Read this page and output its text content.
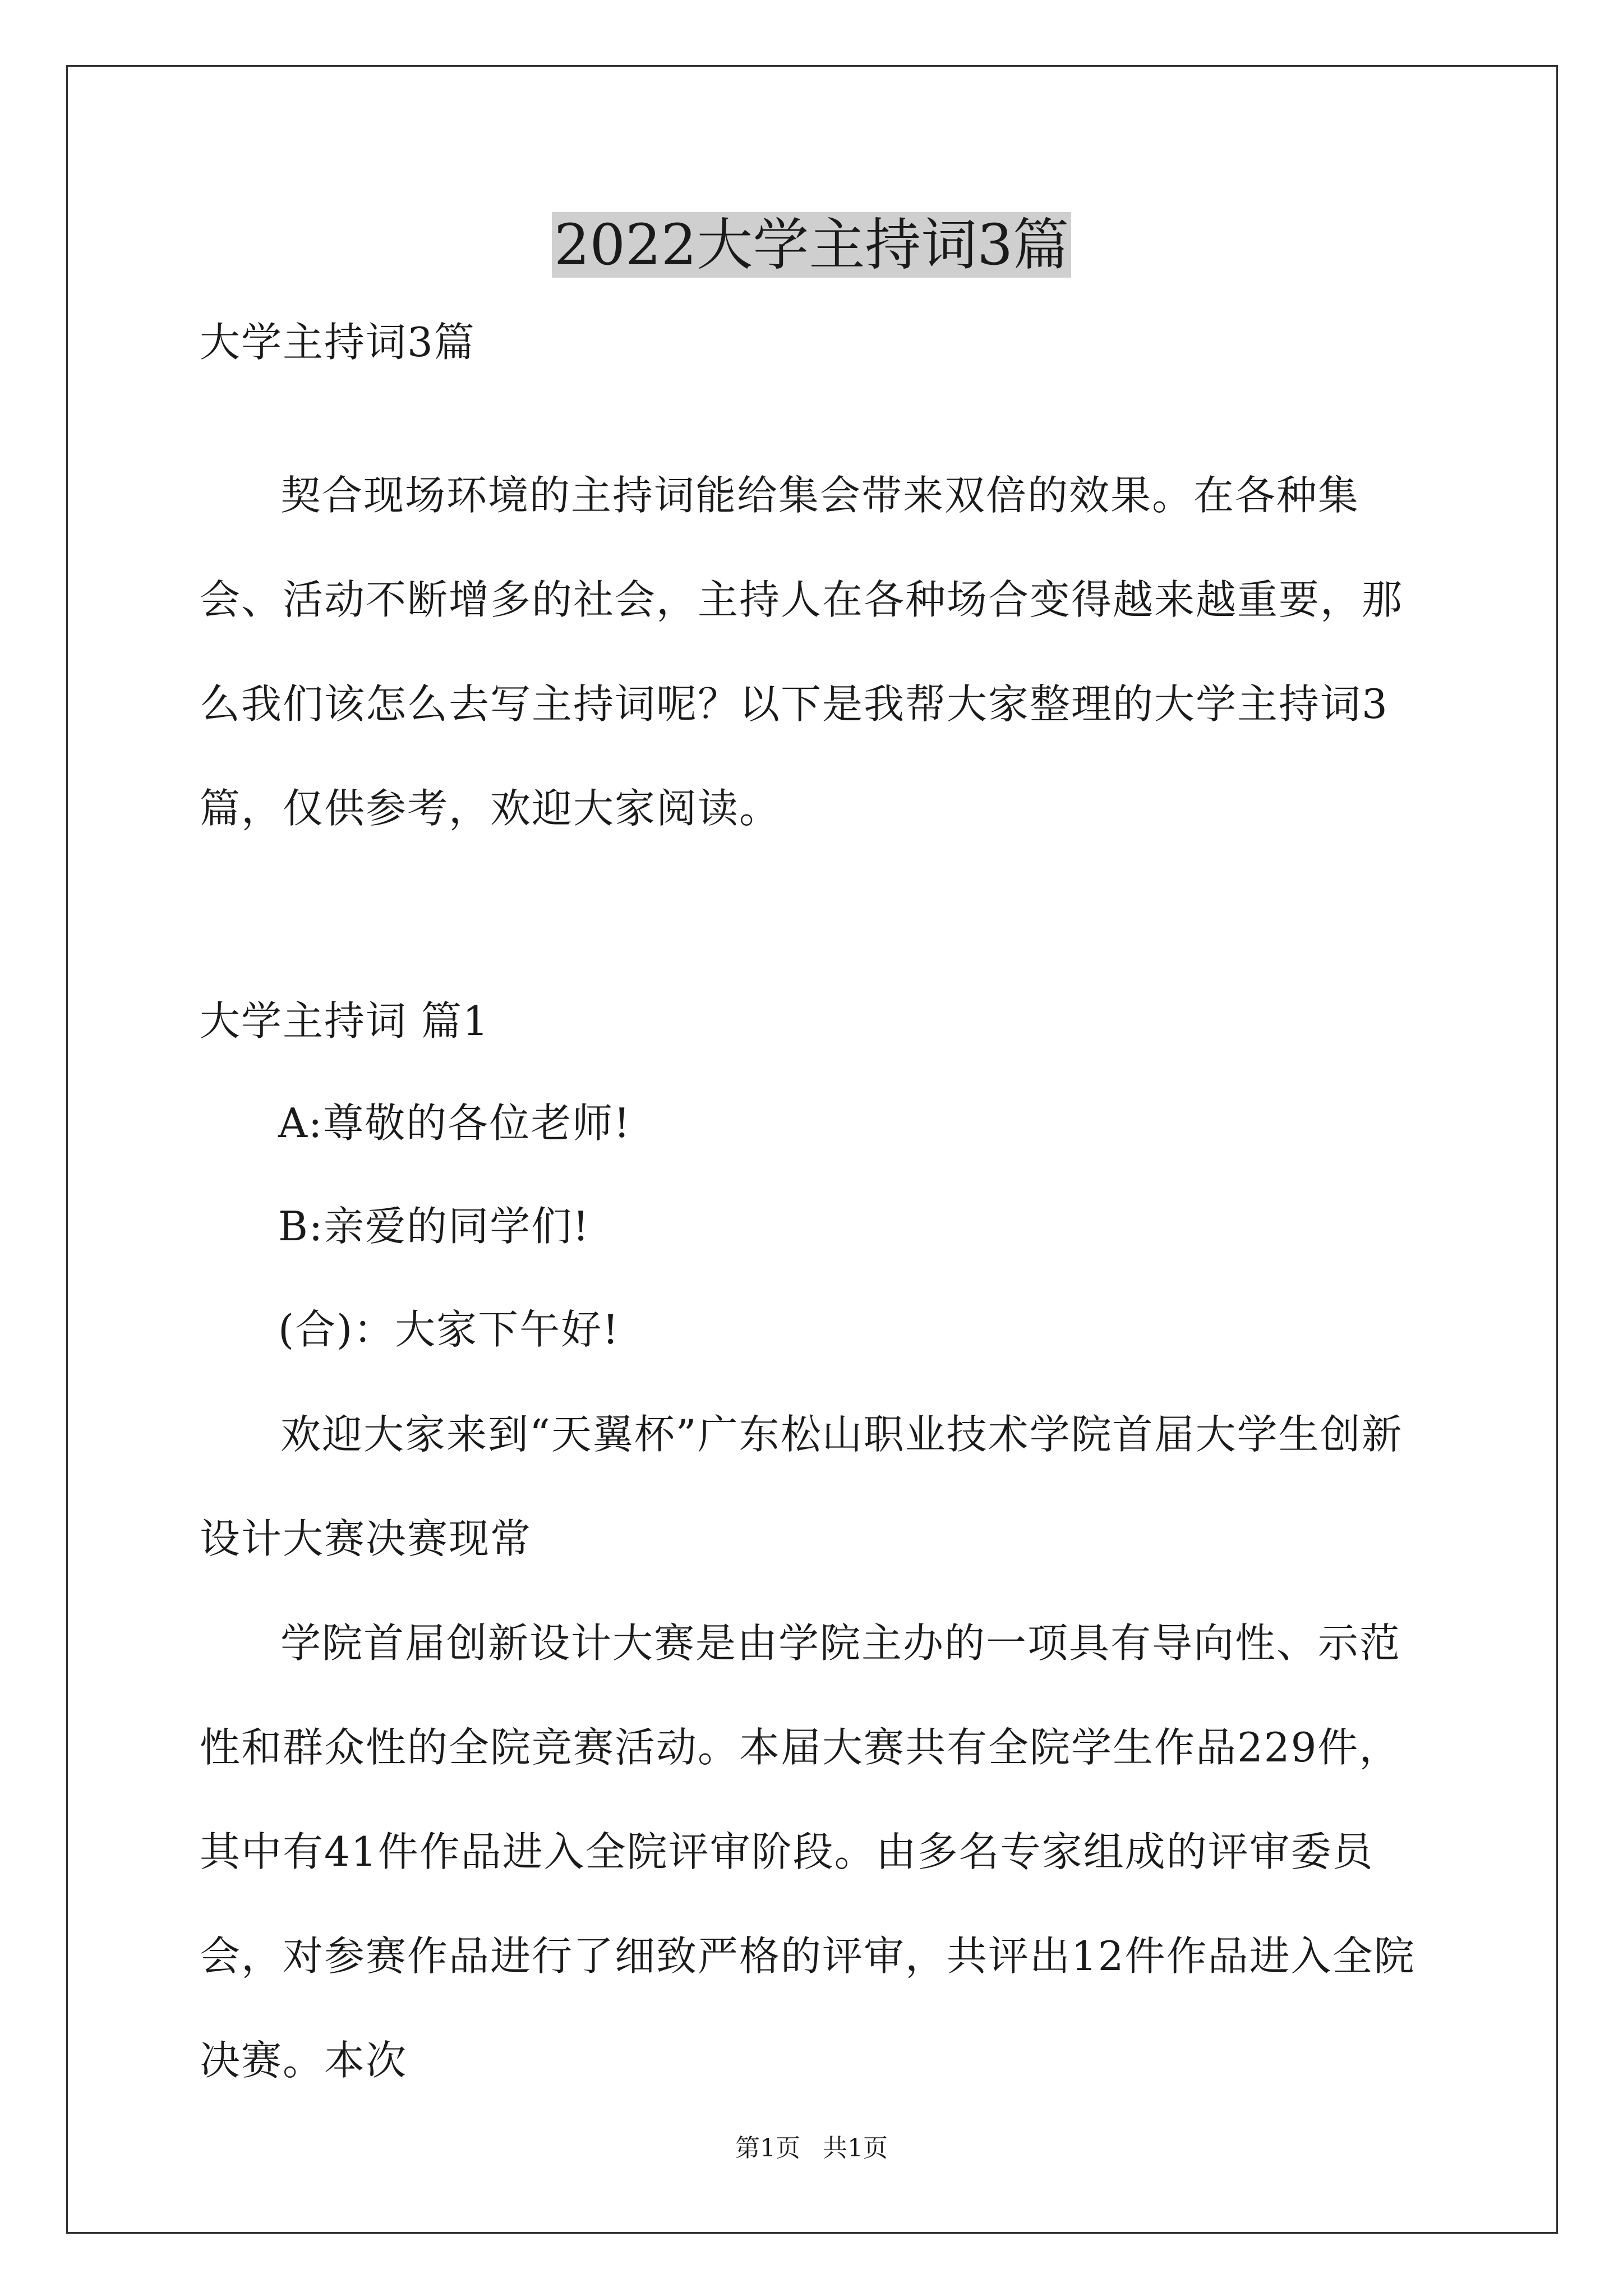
2022大学主持词3篇

大学主持词3篇

契合现场环境的主持词能给集会带来双倍的效果。在各种集会、活动不断增多的社会，主持人在各种场合变得越来越重要，那么我们该怎么去写主持词呢？以下是我帮大家整理的大学主持词3篇，仅供参考，欢迎大家阅读。

大学主持词 篇1

A:尊敬的各位老师!

B:亲爱的同学们!

(合)：大家下午好!

欢迎大家来到“天翼杯”广东松山职业技术学院首届大学生创新设计大赛决赛现常

学院首届创新设计大赛是由学院主办的一项具有导向性、示范性和群众性的全院竞赛活动。本届大赛共有全院学生作品229件，其中有41件作品进入全院评审阶段。由多名专家组成的评审委员会，对参赛作品进行了细致严格的评审，共评出12件作品进入全院决赛。本次

第1页 共1页
